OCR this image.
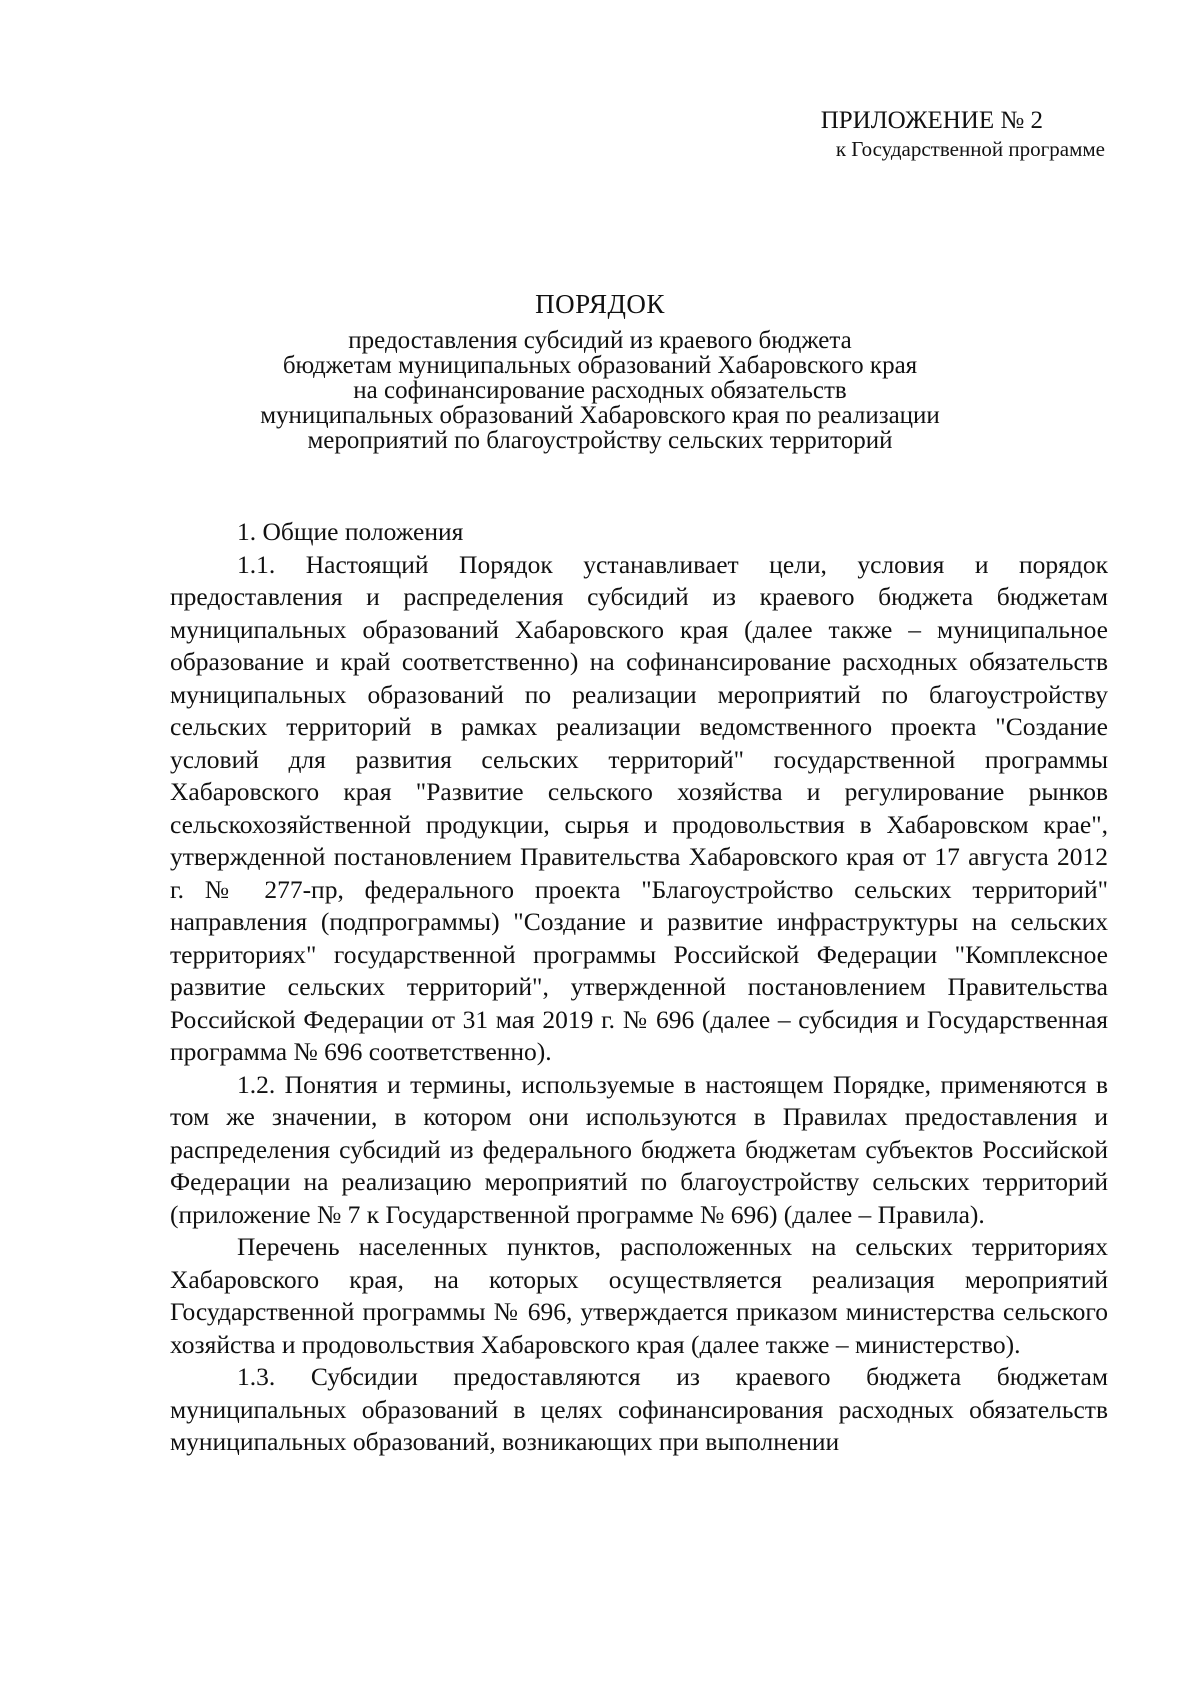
ПРИЛОЖЕНИЕ № 2
к Государственной программе
ПОРЯДОК
предоставления субсидий из краевого бюджета
бюджетам муниципальных образований Хабаровского края
на софинансирование расходных обязательств
муниципальных образований Хабаровского края по реализации
мероприятий по благоустройству сельских территорий

1. Общие положения

1.1. Настоящий Порядок устанавливает цели, условия и порядок предоставления и распределения субсидий из краевого бюджета бюджетам муниципальных образований Хабаровского края (далее также – муниципальное образование и край соответственно) на софинансирование расходных обязательств муниципальных образований по реализации мероприятий по благоустройству сельских территорий в рамках реализации ведомственного проекта "Создание условий для развития сельских территорий" государственной программы Хабаровского края "Развитие сельского хозяйства и регулирование рынков сельскохозяйственной продукции, сырья и продовольствия в Хабаровском крае", утвержденной постановлением Правительства Хабаровского края от 17 августа 2012 г. № 277-пр, федерального проекта "Благоустройство сельских территорий" направления (подпрограммы) "Создание и развитие инфраструктуры на сельских территориях" государственной программы Российской Федерации "Комплексное развитие сельских территорий", утвержденной постановлением Правительства Российской Федерации от 31 мая 2019 г. № 696 (далее – субсидия и Государственная программа № 696 соответственно).

1.2. Понятия и термины, используемые в настоящем Порядке, применяются в том же значении, в котором они используются в Правилах предоставления и распределения субсидий из федерального бюджета бюджетам субъектов Российской Федерации на реализацию мероприятий по благоустройству сельских территорий (приложение № 7 к Государственной программе № 696) (далее – Правила).

Перечень населенных пунктов, расположенных на сельских территориях Хабаровского края, на которых осуществляется реализация мероприятий Государственной программы № 696, утверждается приказом министерства сельского хозяйства и продовольствия Хабаровского края (далее также – министерство).

1.3. Субсидии предоставляются из краевого бюджета бюджетам муниципальных образований в целях софинансирования расходных обязательств муниципальных образований, возникающих при выполнении
